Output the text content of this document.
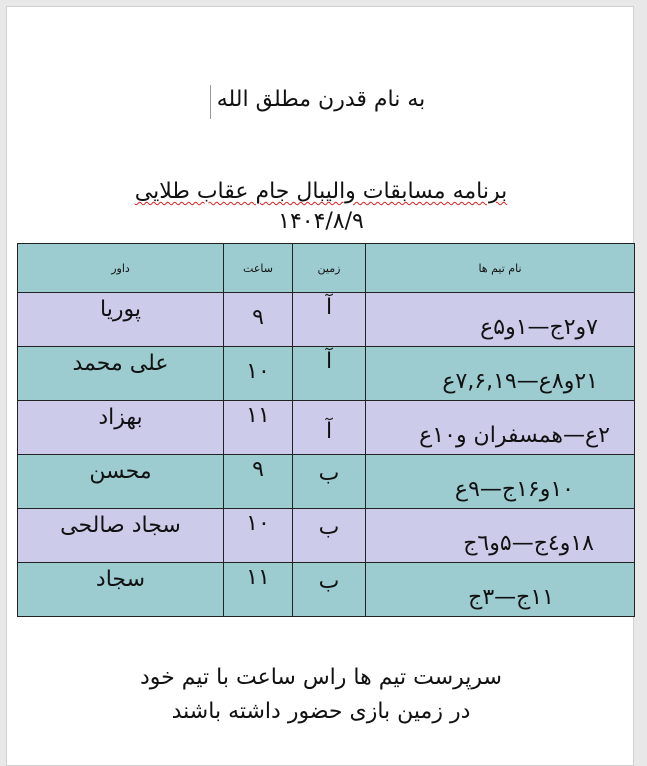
به نام قدرن مطلق الله
برنامه مسابقات والیبال جام عقاب طلایی
۱۴۰۴/۸/۹
نام تیم ها	زمین	ساعت	داور

۷و۲ج—۱و۵ع	آ	۹	پوریا

۲۱و۸ع—۷,۶,۱۹ع	آ	۱۰	علی محمد

۲ع—همسفران و۱۰ع	آ	۱۱	بهزاد

۱۰و۱۶ج—۹ع	ب	۹	محسن

۱۸و٤ج—۵و٦ج	ب	۱۰	سجاد صالحی

۱۱ج—۳ج	ب	۱۱	سجاد
سرپرست تیم ها راس ساعت با تیم خود
در زمین بازی حضور داشته باشند
